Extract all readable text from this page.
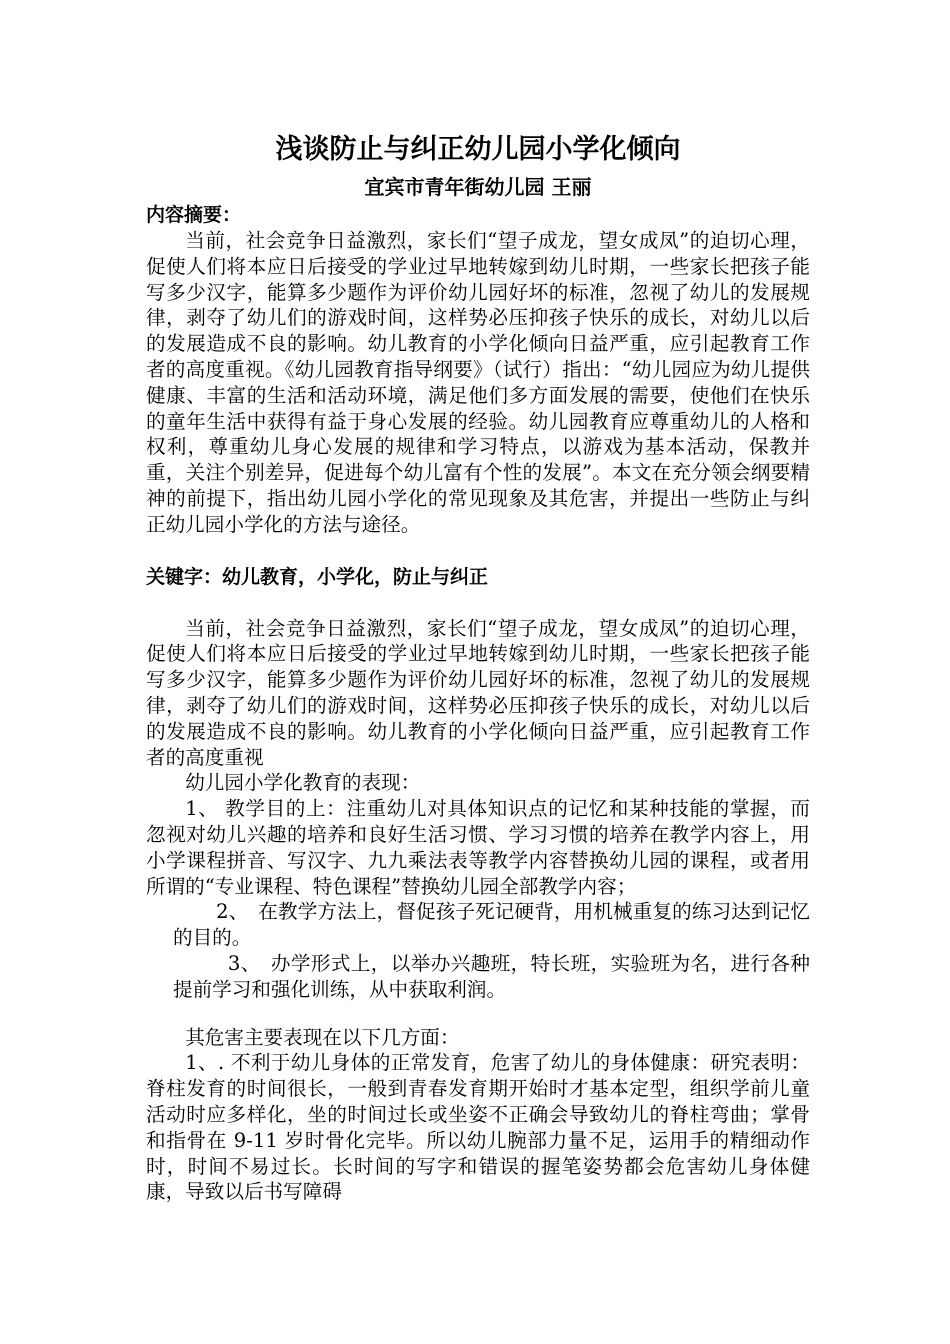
浅谈防止与纠正幼儿园小学化倾向

宜宾市青年街幼儿园 王丽

内容摘要：

当前，社会竞争日益激烈，家长们“望子成龙，望女成凤”的迫切心理，促使人们将本应日后接受的学业过早地转嫁到幼儿时期，一些家长把孩子能写多少汉字，能算多少题作为评价幼儿园好坏的标准，忽视了幼儿的发展规律，剥夺了幼儿们的游戏时间，这样势必压抑孩子快乐的成长，对幼儿以后的发展造成不良的影响。幼儿教育的小学化倾向日益严重，应引起教育工作者的高度重视。《幼儿园教育指导纲要》（试行）指出：“幼儿园应为幼儿提供健康、丰富的生活和活动环境，满足他们多方面发展的需要，使他们在快乐的童年生活中获得有益于身心发展的经验。幼儿园教育应尊重幼儿的人格和权利，尊重幼儿身心发展的规律和学习特点，以游戏为基本活动，保教并重，关注个别差异，促进每个幼儿富有个性的发展”。本文在充分领会纲要精神的前提下，指出幼儿园小学化的常见现象及其危害，并提出一些防止与纠正幼儿园小学化的方法与途径。

关键字：幼儿教育，小学化，防止与纠正

当前，社会竞争日益激烈，家长们“望子成龙，望女成凤”的迫切心理，促使人们将本应日后接受的学业过早地转嫁到幼儿时期，一些家长把孩子能写多少汉字，能算多少题作为评价幼儿园好坏的标准，忽视了幼儿的发展规律，剥夺了幼儿们的游戏时间，这样势必压抑孩子快乐的成长，对幼儿以后的发展造成不良的影响。幼儿教育的小学化倾向日益严重，应引起教育工作者的高度重视

幼儿园小学化教育的表现：

1、 教学目的上：注重幼儿对具体知识点的记忆和某种技能的掌握，而忽视对幼儿兴趣的培养和良好生活习惯、学习习惯的培养在教学内容上，用小学课程拼音、写汉字、九九乘法表等教学内容替换幼儿园的课程，或者用所谓的“专业课程、特色课程”替换幼儿园全部教学内容；

2、　在教学方法上，督促孩子死记硬背，用机械重复的练习达到记忆的目的。

3、　办学形式上，以举办兴趣班，特长班，实验班为名，进行各种提前学习和强化训练，从中获取利润。

其危害主要表现在以下几方面：

1、. 不利于幼儿身体的正常发育，危害了幼儿的身体健康：研究表明：脊柱发育的时间很长，一般到青春发育期开始时才基本定型，组织学前儿童活动时应多样化，坐的时间过长或坐姿不正确会导致幼儿的脊柱弯曲；掌骨和指骨在 9-11 岁时骨化完毕。所以幼儿腕部力量不足，运用手的精细动作时，时间不易过长。长时间的写字和错误的握笔姿势都会危害幼儿身体健康，导致以后书写障碍
